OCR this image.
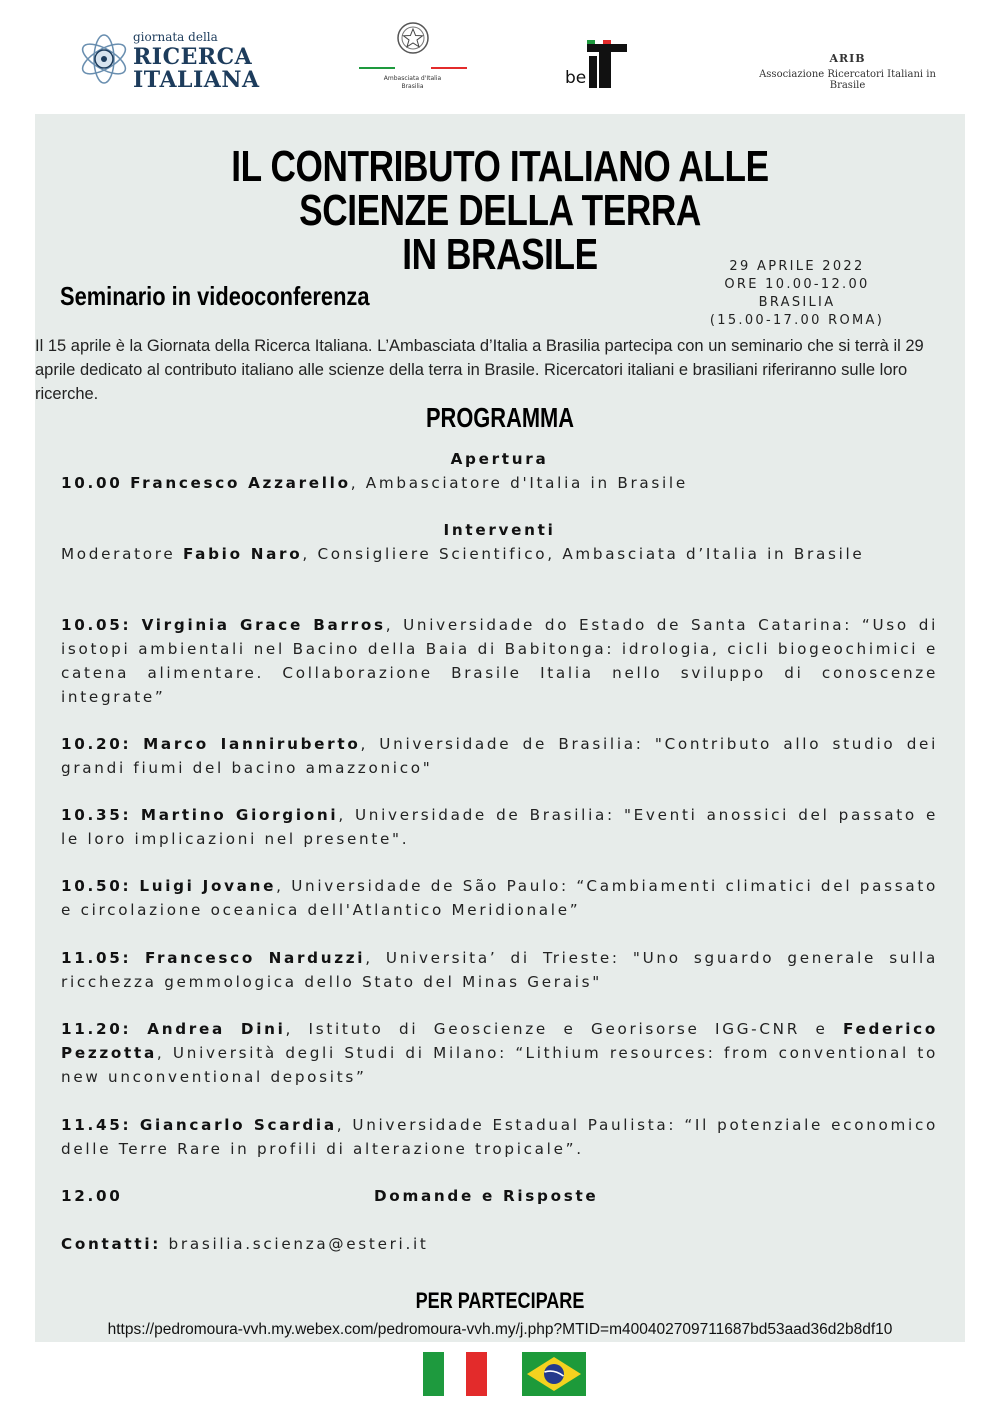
giornata della
RICERCA
ITALIANA	Ambasciata d'Italia
Brasilia	be
ARIB
Associazione Ricercatori Italiani in Brasile
IL CONTRIBUTO ITALIANO ALLE SCIENZE DELLA TERRA
IN BRASILE
Seminario in videoconferenza
29 APRILE 2022
ORE 10.00-12.00 BRASILIA
(15.00-17.00 ROMA)
Il 15 aprile è la Giornata della Ricerca Italiana. L’Ambasciata d’Italia a Brasilia partecipa con un seminario che si terrà il 29 aprile dedicato al contributo italiano alle scienze della terra in Brasile. Ricercatori italiani e brasiliani riferiranno sulle loro ricerche.
PROGRAMMA
Apertura
10.00 Francesco Azzarello, Ambasciatore d'Italia in Brasile
Interventi
Moderatore Fabio Naro, Consigliere Scientifico, Ambasciata d’Italia in Brasile
10.05: Virginia Grace Barros, Universidade do Estado de Santa Catarina: “Uso di isotopi ambientali nel Bacino della Baia di Babitonga: idrologia, cicli biogeochimici e catena alimentare. Collaborazione Brasile Italia nello sviluppo di conoscenze integrate”
10.20: Marco Ianniruberto, Universidade de Brasilia: "Contributo allo studio dei grandi fiumi del bacino amazzonico"
10.35: Martino Giorgioni, Universidade de Brasilia: "Eventi anossici del passato e le loro implicazioni nel presente".
10.50: Luigi Jovane, Universidade de São Paulo: “Cambiamenti climatici del passato e circolazione oceanica dell'Atlantico Meridionale”
11.05: Francesco Narduzzi, Universita’ di Trieste: "Uno sguardo generale sulla ricchezza gemmologica dello Stato del Minas Gerais"
11.20: Andrea Dini, Istituto di Geoscienze e Georisorse IGG-CNR e Federico Pezzotta, Università degli Studi di Milano: “Lithium resources: from conventional to new unconventional deposits”
11.45: Giancarlo Scardia, Universidade Estadual Paulista: “Il potenziale economico delle Terre Rare in profili di alterazione tropicale”.
12.00	Domande e Risposte
Contatti: brasilia.scienza@esteri.it
PER PARTECIPARE
https://pedromoura-vvh.my.webex.com/pedromoura-vvh.my/j.php?MTID=m400402709711687bd53aad36d2b8df10
